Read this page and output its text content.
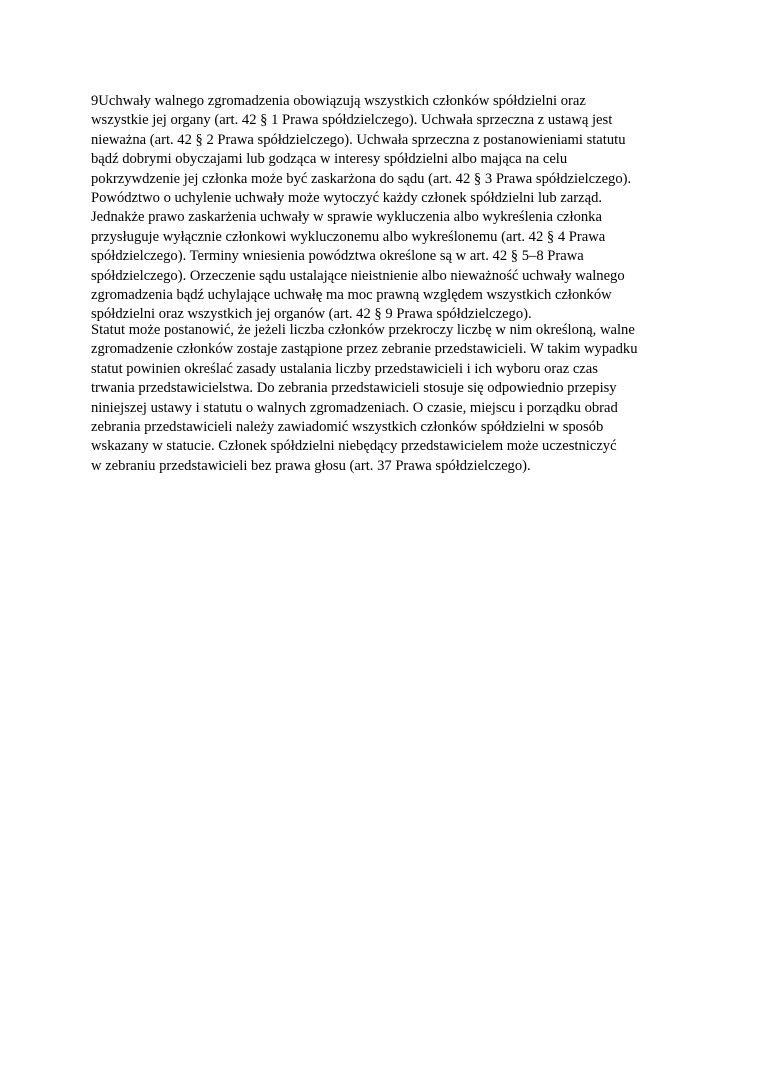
9Uchwały walnego zgromadzenia obowiązują wszystkich członków spółdzielni oraz
wszystkie jej organy (art. 42 § 1 Prawa spółdzielczego). Uchwała sprzeczna z ustawą jest
nieważna (art. 42 § 2 Prawa spółdzielczego). Uchwała sprzeczna z postanowieniami statutu
bądź dobrymi obyczajami lub godząca w interesy spółdzielni albo mająca na celu
pokrzywdzenie jej członka może być zaskarżona do sądu (art. 42 § 3 Prawa spółdzielczego).
Powództwo o uchylenie uchwały może wytoczyć każdy członek spółdzielni lub zarząd.
Jednakże prawo zaskarżenia uchwały w sprawie wykluczenia albo wykreślenia członka
przysługuje wyłącznie członkowi wykluczonemu albo wykreślonemu (art. 42 § 4 Prawa
spółdzielczego). Terminy wniesienia powództwa określone są w art. 42 § 5–8 Prawa
spółdzielczego). Orzeczenie sądu ustalające nieistnienie albo nieważność uchwały walnego
zgromadzenia bądź uchylające uchwałę ma moc prawną względem wszystkich członków
spółdzielni oraz wszystkich jej organów (art. 42 § 9 Prawa spółdzielczego).
Statut może postanowić, że jeżeli liczba członków przekroczy liczbę w nim określoną, walne
zgromadzenie członków zostaje zastąpione przez zebranie przedstawicieli. W takim wypadku
statut powinien określać zasady ustalania liczby przedstawicieli i ich wyboru oraz czas
trwania przedstawicielstwa. Do zebrania przedstawicieli stosuje się odpowiednio przepisy
niniejszej ustawy i statutu o walnych zgromadzeniach. O czasie, miejscu i porządku obrad
zebrania przedstawicieli należy zawiadomić wszystkich członków spółdzielni w sposób
wskazany w statucie. Członek spółdzielni niebędący przedstawicielem może uczestniczyć
w zebraniu przedstawicieli bez prawa głosu (art. 37 Prawa spółdzielczego).
